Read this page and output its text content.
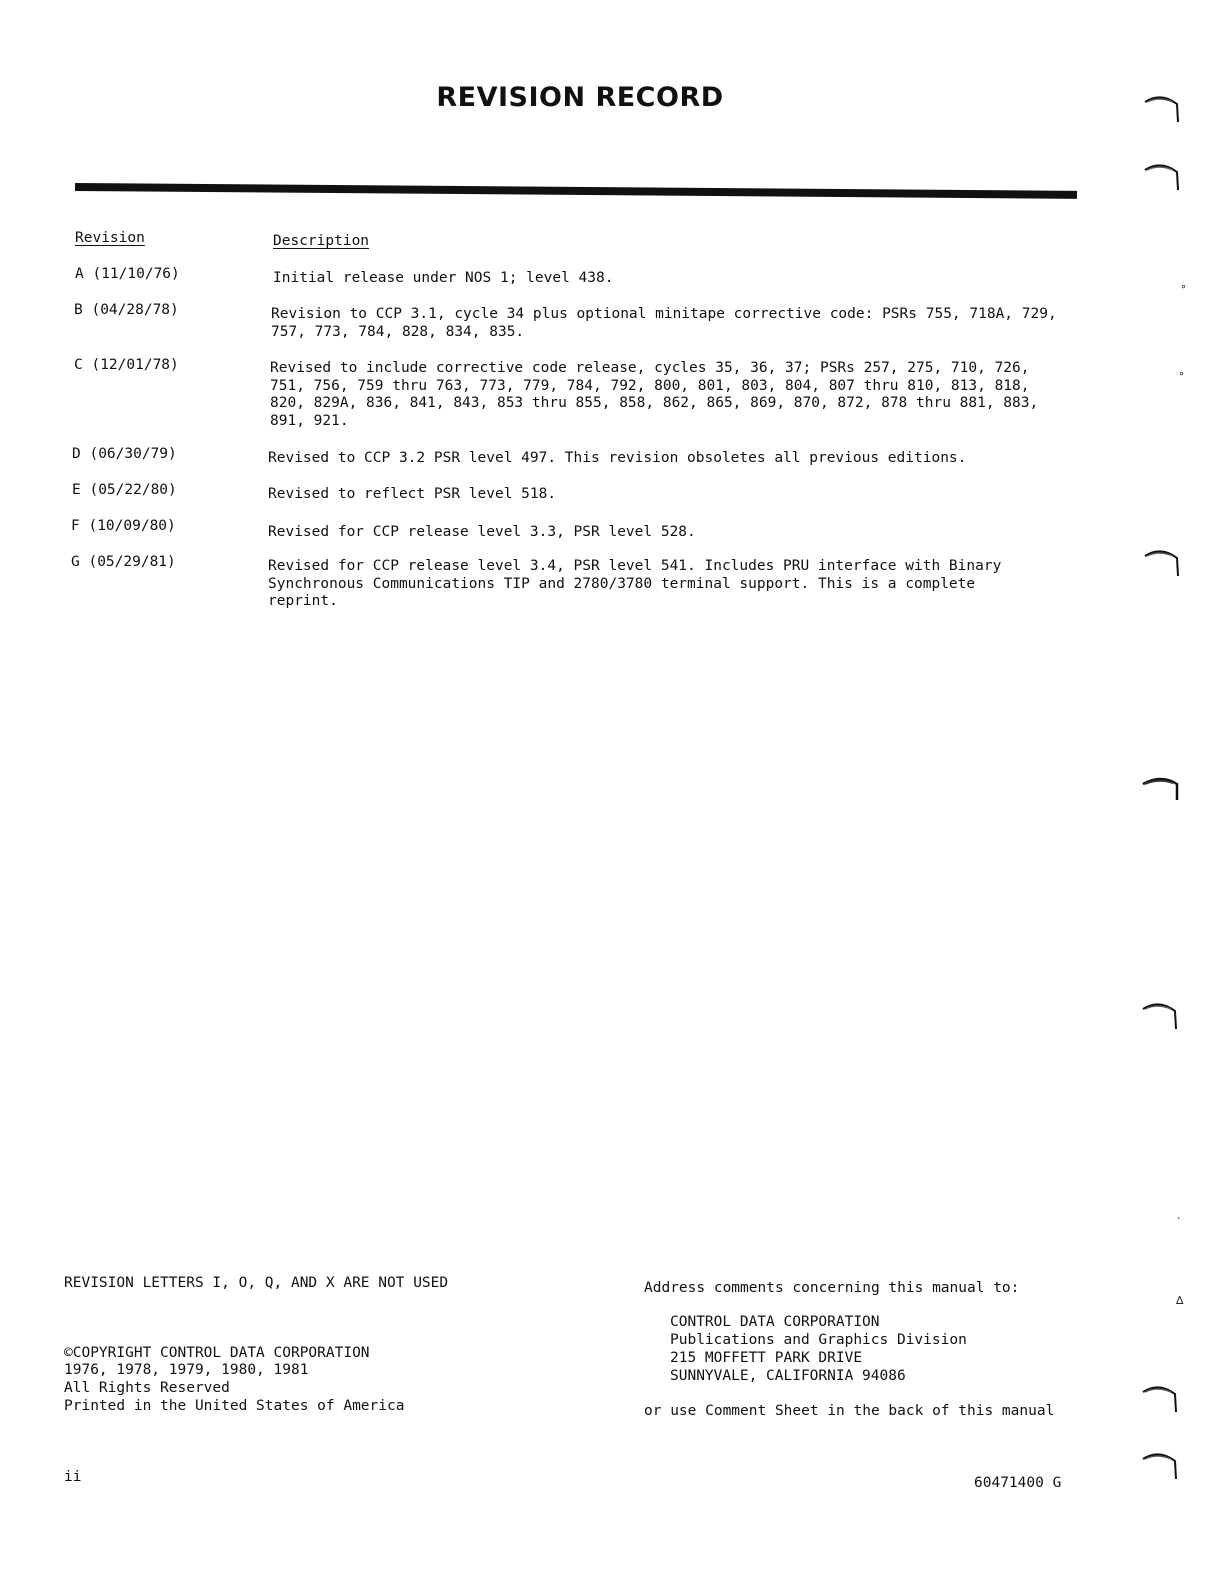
REVISION RECORD
Revision	Description
A (11/10/76)	Initial release under NOS 1; level 438.
B (04/28/78)	Revision to CCP 3.1, cycle 34 plus optional minitape corrective code: PSRs 755, 718A, 729, 757, 773, 784, 828, 834, 835.
C (12/01/78)	Revised to include corrective code release, cycles 35, 36, 37; PSRs 257, 275, 710, 726, 751, 756, 759 thru 763, 773, 779, 784, 792, 800, 801, 803, 804, 807 thru 810, 813, 818, 820, 829A, 836, 841, 843, 853 thru 855, 858, 862, 865, 869, 870, 872, 878 thru 881, 883, 891, 921.
D (06/30/79)	Revised to CCP 3.2 PSR level 497. This revision obsoletes all previous editions.
E (05/22/80)	Revised to reflect PSR level 518.
F (10/09/80)	Revised for CCP release level 3.3, PSR level 528.
G (05/29/81)	Revised for CCP release level 3.4, PSR level 541. Includes PRU interface with Binary Synchronous Communications TIP and 2780/3780 terminal support. This is a complete reprint.
REVISION LETTERS I, O, Q, AND X ARE NOT USED
©COPYRIGHT CONTROL DATA CORPORATION
1976, 1978, 1979, 1980, 1981
All Rights Reserved
Printed in the United States of America
Address comments concerning this manual to:
CONTROL DATA CORPORATION
Publications and Graphics Division
215 MOFFETT PARK DRIVE
SUNNYVALE, CALIFORNIA 94086
or use Comment Sheet in the back of this manual
ii	60471400 G
∘
∘
·
∆
